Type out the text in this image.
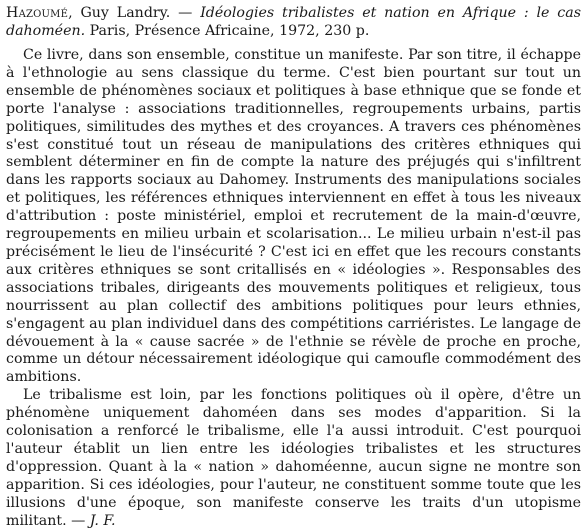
Hazoumé, Guy Landry. — Idéologies tribalistes et nation en Afrique : le cas dahoméen. Paris, Présence Africaine, 1972, 230 p.

Ce livre, dans son ensemble, constitue un manifeste. Par son titre, il échappe à l'ethnologie au sens classique du terme. C'est bien pourtant sur tout un ensemble de phénomènes sociaux et politiques à base ethnique que se fonde et porte l'analyse : associations traditionnelles, regroupements urbains, partis politiques, similitudes des mythes et des croyances. A travers ces phénomènes s'est constitué tout un réseau de manipulations des critères ethniques qui semblent déterminer en fin de compte la nature des préjugés qui s'infiltrent dans les rapports sociaux au Dahomey. Instruments des manipulations sociales et politiques, les références ethniques interviennent en effet à tous les niveaux d'attribution : poste ministériel, emploi et recrutement de la main-d'œuvre, regroupements en milieu urbain et scolarisation... Le milieu urbain n'est-il pas précisément le lieu de l'insécurité ? C'est ici en effet que les recours constants aux critères ethniques se sont critallisés en « idéologies ». Responsables des associations tribales, dirigeants des mouvements politiques et religieux, tous nourrissent au plan collectif des ambitions politiques pour leurs ethnies, s'engagent au plan individuel dans des compétitions carriéristes. Le langage de dévouement à la « cause sacrée » de l'ethnie se révèle de proche en proche, comme un détour nécessairement idéologique qui camoufle commodément des ambitions.

Le tribalisme est loin, par les fonctions politiques où il opère, d'être un phénomène uniquement dahoméen dans ses modes d'apparition. Si la colonisation a renforcé le tribalisme, elle l'a aussi introduit. C'est pourquoi l'auteur établit un lien entre les idéologies tribalistes et les structures d'oppression. Quant à la « nation » dahoméenne, aucun signe ne montre son apparition. Si ces idéologies, pour l'auteur, ne constituent somme toute que les illusions d'une époque, son manifeste conserve les traits d'un utopisme militant. — J. F.
